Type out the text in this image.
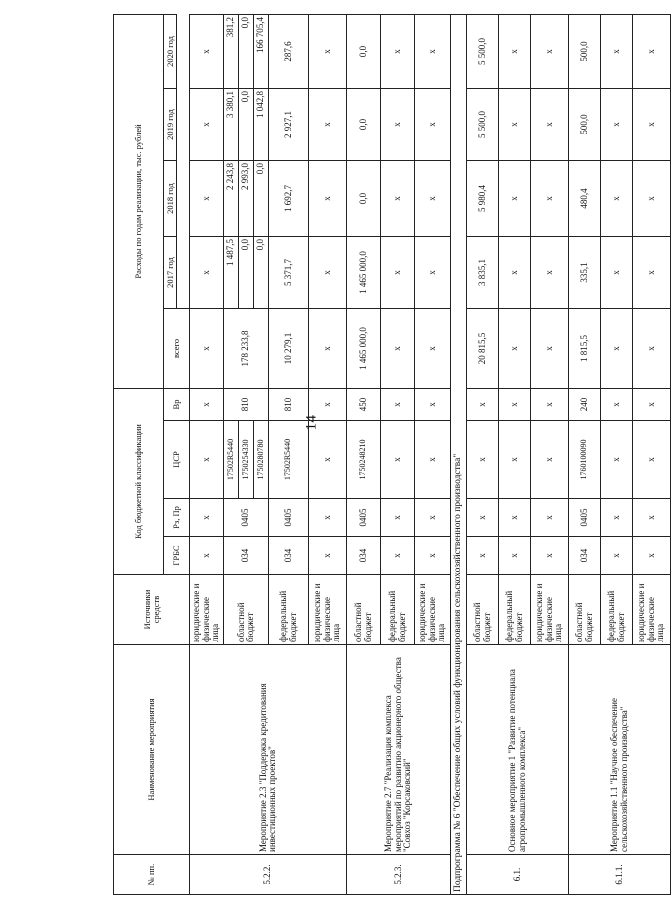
14
№ пп.	Наименование мероприятия	Источники средств	Код бюджетной классификации				Расходы по годам реализации, тыс. рублей				
			ГРБС	Рз, Пр	ЦСР	Вр	всего	2017 год	2018 год	2019 год	2020 год

5.2.2.	Мероприятие 2.3 "Поддержка кредитования инвестиционных проектов"	юридические и физические лица	х	х	х	х	х	х	х	х	х
		областной бюджет	034	0405	17502R5440	810	178 233,8	1 487,5	2 243,8	3 380,1	381,2
					1750254330			0,0	2 993,0	0,0	0,0
					1750280780			0,0	0,0	1 042,8	166 705,4
		федеральный бюджет	034	0405	17502R5440	810	10 279,1	5 371,7	1 692,7	2 927,1	287,6
		юридические и физические лица	х	х	х	х	х	х	х	х	х
5.2.3.	Мероприятие 2.7 "Реализация комплекса мероприятий по развитию акционерного общества "Совхоз "Корсаковский"	областной бюджет	034	0405	1750248210	450	1 465 000,0	1 465 000,0	0,0	0,0	0,0
		федеральный бюджет	х	х	х	х	х	х	х	х	х
		юридические и физические лица	х	х	х	х	х	х	х	х	х
Подпрограмма № 6 "Обеспечение общих условий функционирования сельскохозяйственного производства"											
6.1.	Основное мероприятие 1 "Развитие потенциала агропромышленного комплекса"	областной бюджет	х	х	х	х	20 815,5	3 835,1	5 980,4	5 500,0	5 500,0
		федеральный бюджет	х	х	х	х	х	х	х	х	х
		юридические и физические лица	х	х	х	х	х	х	х	х	х
6.1.1.	Мероприятие 1.1 "Научное обеспечение сельскохозяйственного производства"	областной бюджет	034	0405	1760100090	240	1 815,5	335,1	480,4	500,0	500,0
		федеральный бюджет	х	х	х	х	х	х	х	х	х
		юридические и физические лица	х	х	х	х	х	х	х	х	х
